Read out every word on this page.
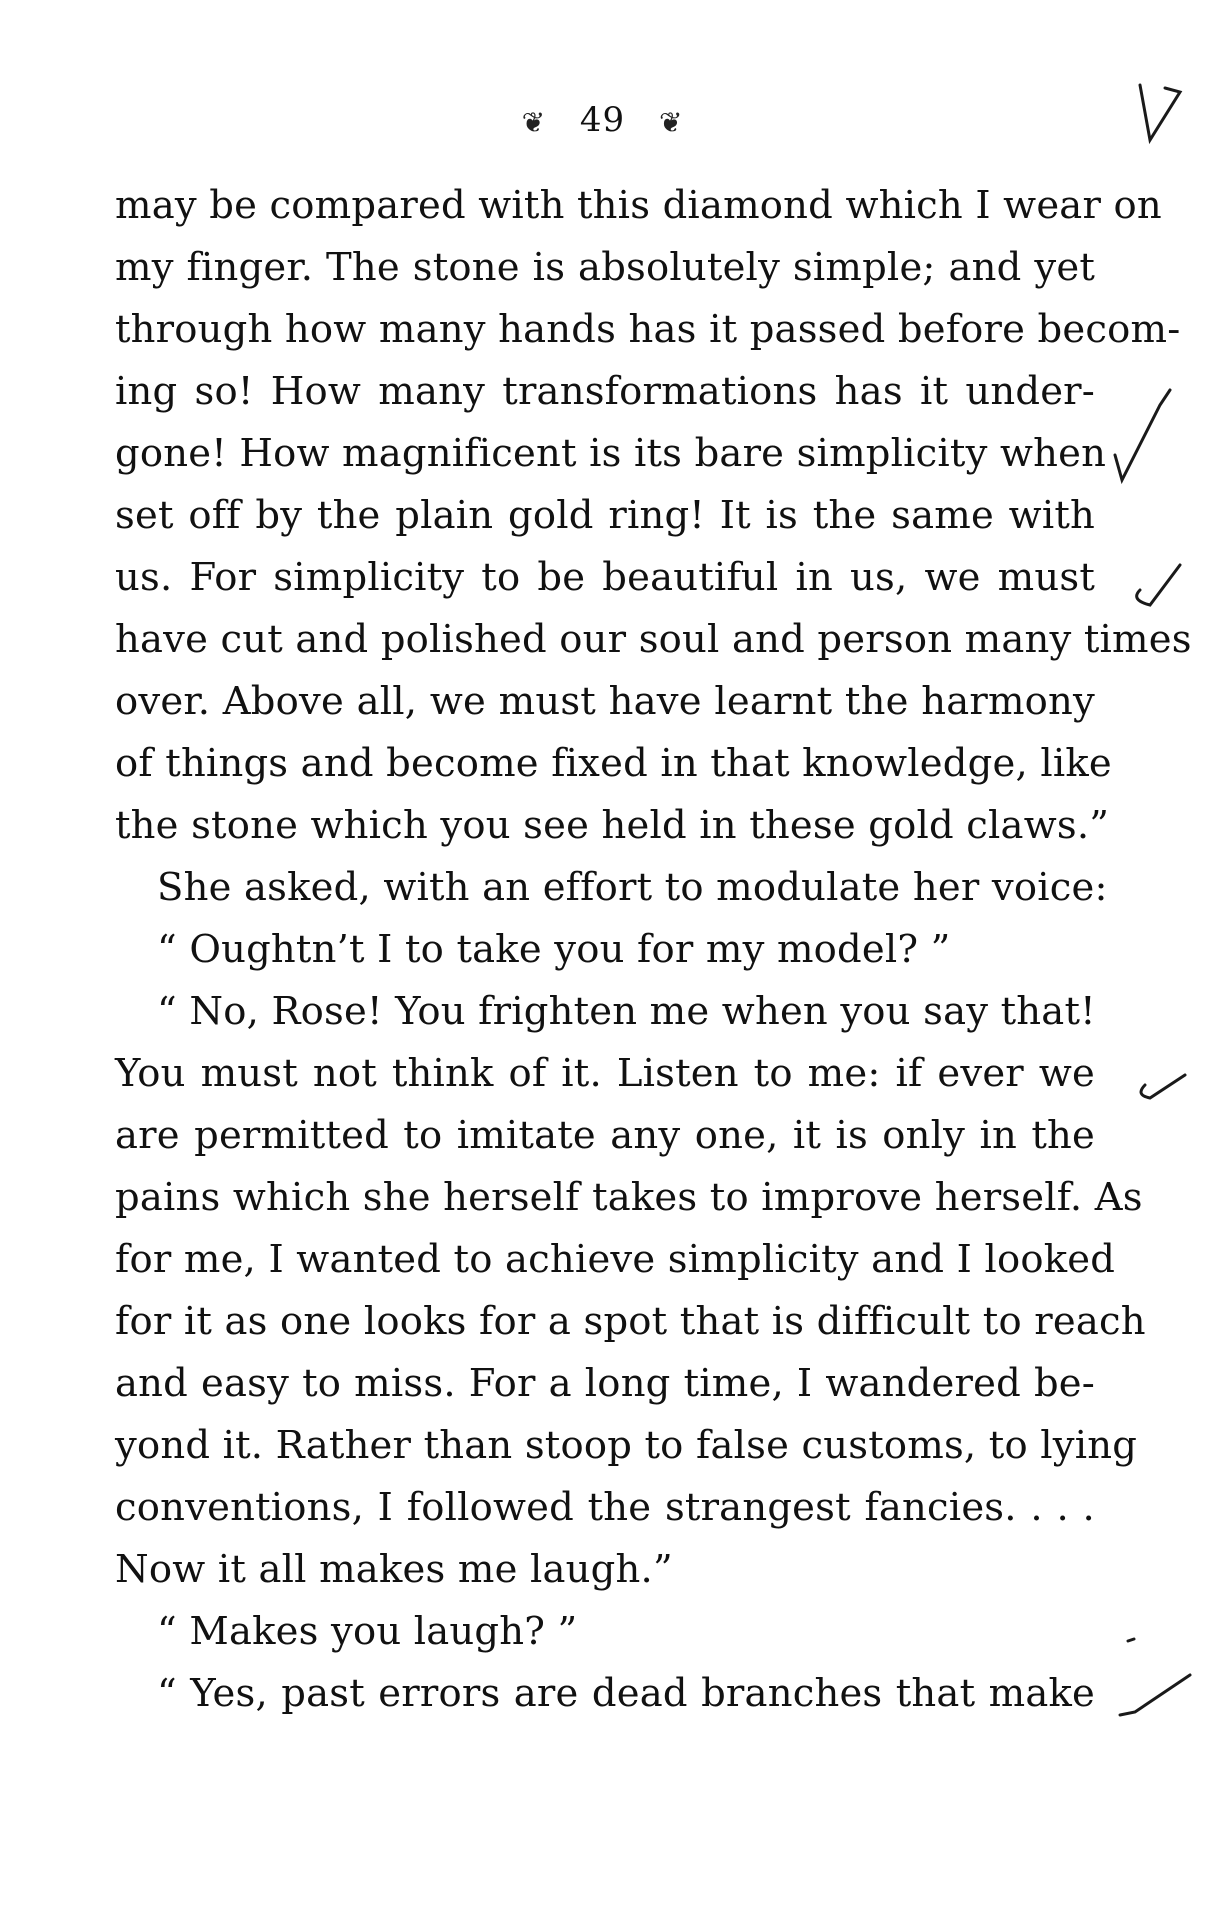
❦ 49 ❦
may be compared with this diamond which I wear on
my finger. The stone is absolutely simple; and yet
through how many hands has it passed before becom-
ing so! How many transformations has it under-
gone! How magnificent is its bare simplicity when
set off by the plain gold ring! It is the same with
us. For simplicity to be beautiful in us, we must
have cut and polished our soul and person many times
over. Above all, we must have learnt the harmony
of things and become fixed in that knowledge, like
the stone which you see held in these gold claws.”
She asked, with an effort to modulate her voice:
“ Oughtn’t I to take you for my model? ”
“ No, Rose! You frighten me when you say that!
You must not think of it. Listen to me: if ever we
are permitted to imitate any one, it is only in the
pains which she herself takes to improve herself. As
for me, I wanted to achieve simplicity and I looked
for it as one looks for a spot that is difficult to reach
and easy to miss. For a long time, I wandered be-
yond it. Rather than stoop to false customs, to lying
conventions, I followed the strangest fancies. . . .
Now it all makes me laugh.”
“ Makes you laugh? ”
“ Yes, past errors are dead branches that make
